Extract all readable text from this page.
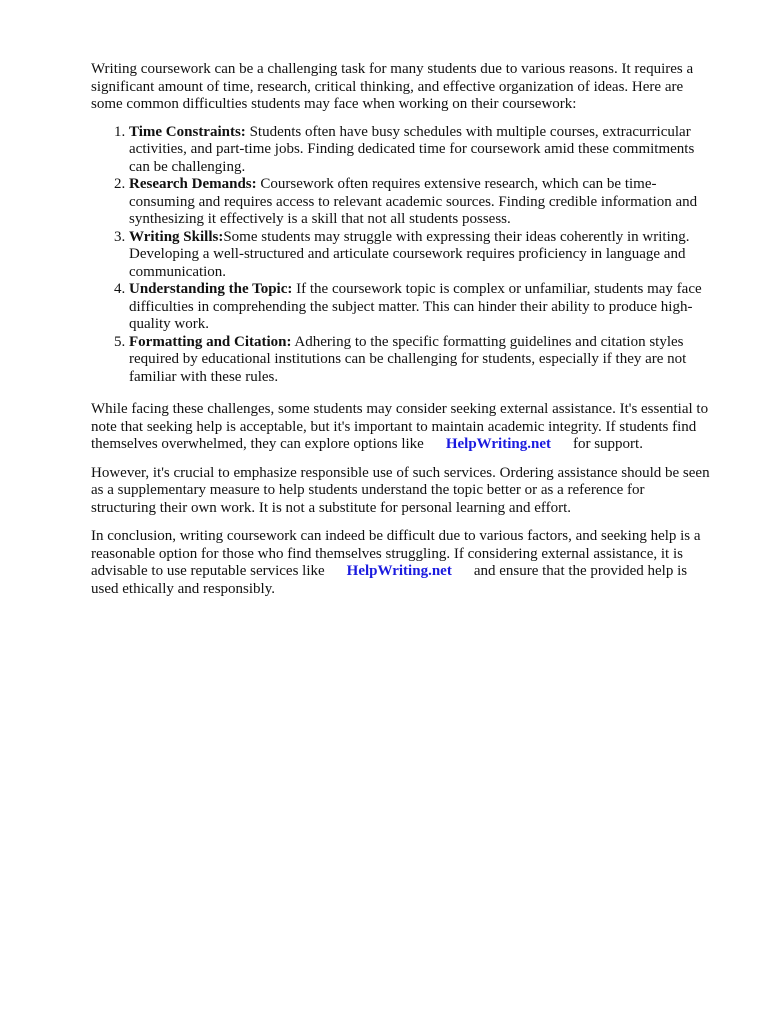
Writing coursework can be a challenging task for many students due to various reasons. It requires a significant amount of time, research, critical thinking, and effective organization of ideas. Here are some common difficulties students may face when working on their coursework:

1. Time Constraints: Students often have busy schedules with multiple courses, extracurricular activities, and part-time jobs. Finding dedicated time for coursework amid these commitments can be challenging.
2. Research Demands: Coursework often requires extensive research, which can be time-consuming and requires access to relevant academic sources. Finding credible information and synthesizing it effectively is a skill that not all students possess.
3. Writing Skills:Some students may struggle with expressing their ideas coherently in writing. Developing a well-structured and articulate coursework requires proficiency in language and communication.
4. Understanding the Topic: If the coursework topic is complex or unfamiliar, students may face difficulties in comprehending the subject matter. This can hinder their ability to produce high-quality work.
5. Formatting and Citation: Adhering to the specific formatting guidelines and citation styles required by educational institutions can be challenging for students, especially if they are not familiar with these rules.

While facing these challenges, some students may consider seeking external assistance. It's essential to note that seeking help is acceptable, but it's important to maintain academic integrity. If students find themselves overwhelmed, they can explore options like HelpWriting.net for support.

However, it's crucial to emphasize responsible use of such services. Ordering assistance should be seen as a supplementary measure to help students understand the topic better or as a reference for structuring their own work. It is not a substitute for personal learning and effort.

In conclusion, writing coursework can indeed be difficult due to various factors, and seeking help is a reasonable option for those who find themselves struggling. If considering external assistance, it is advisable to use reputable services like HelpWriting.net and ensure that the provided help is used ethically and responsibly.
